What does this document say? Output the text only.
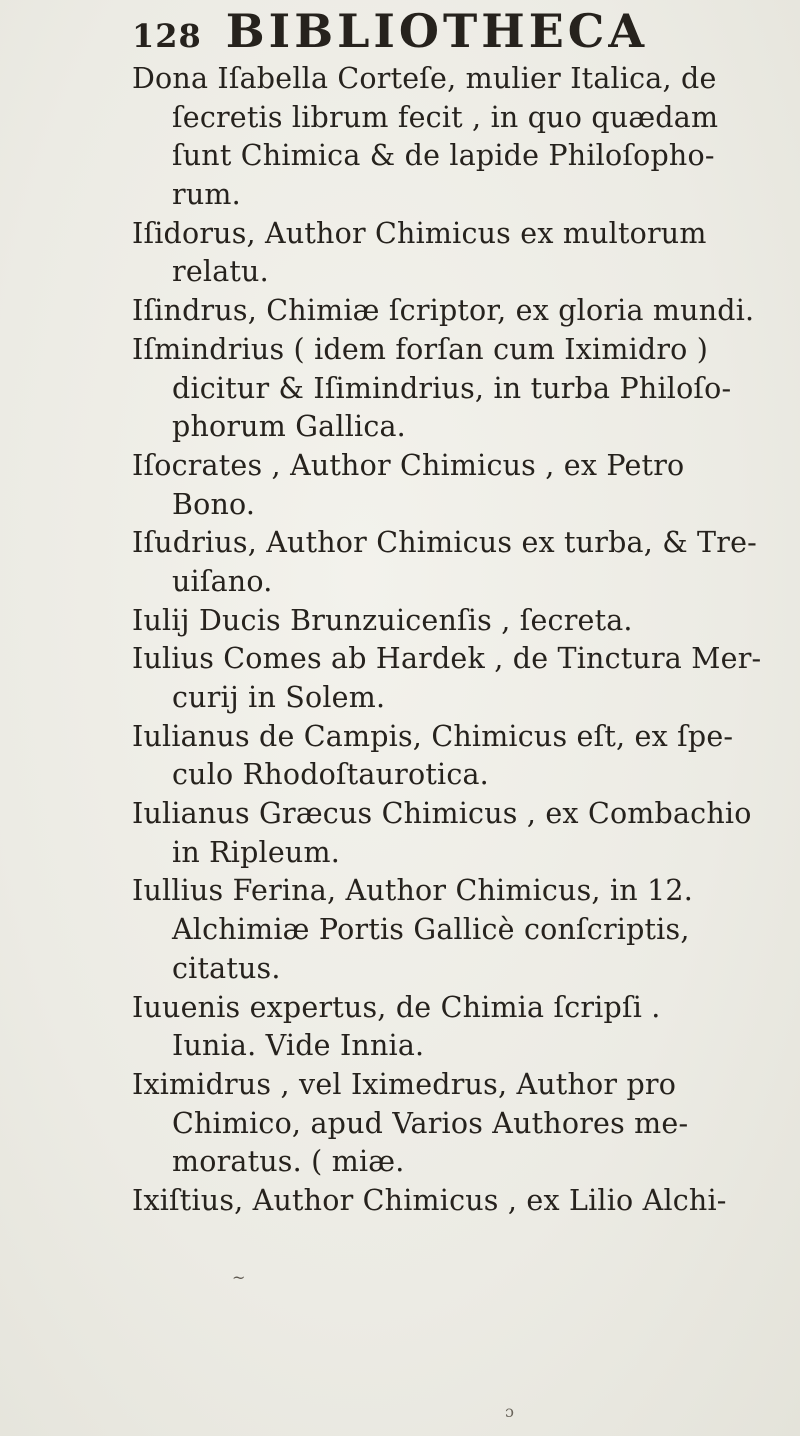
128 BIBLIOTHECA
Dona Iſabella Corteſe, mulier Italica, de
ſecretis librum fecit , in quo quædam
ſunt Chimica & de lapide Philoſopho-
rum.
Iſidorus, Author Chimicus ex multorum
relatu.
Iſindrus, Chimiæ ſcriptor, ex gloria mundi.
Iſmindrius ( idem forſan cum Iximidro )
dicitur & Iſimindrius, in turba Philoſo-
phorum Gallica.
Iſocrates , Author Chimicus , ex Petro
Bono.
Iſudrius, Author Chimicus ex turba, & Tre-
uiſano.
Iulij Ducis Brunzuicenſis , ſecreta.
Iulius Comes ab Hardek , de Tinctura Mer-
curij in Solem.
Iulianus de Campis, Chimicus eſt, ex ſpe-
culo Rhodoſtaurotica.
Iulianus Græcus Chimicus , ex Combachio
in Ripleum.
Iullius Ferina, Author Chimicus, in 12.
Alchimiæ Portis Gallicè conſcriptis,
citatus.
Iuuenis expertus, de Chimia ſcripſi .
Iunia. Vide Innia.
Iximidrus , vel Iximedrus, Author pro
Chimico, apud Varios Authores me-
moratus. ( miæ.
Ixiſtius, Author Chimicus , ex Lilio Alchi-
~
ɔ
